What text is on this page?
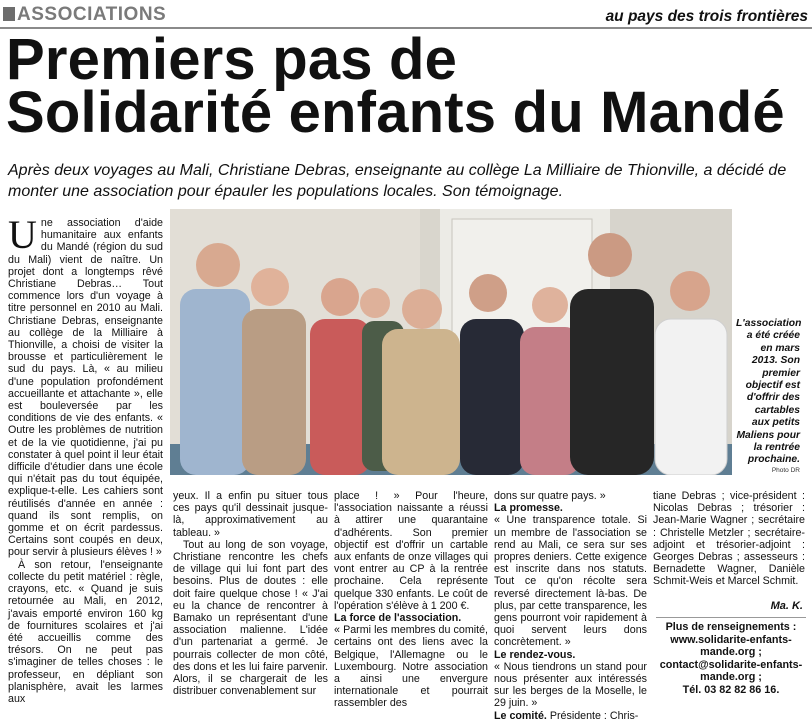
ASSOCIATIONS	au pays des trois frontières
Premiers pas de
Solidarité enfants du Mandé

Après deux voyages au Mali, Christiane Debras, enseignante au collège La Milliaire de Thionville, a décidé de monter une association pour épauler les populations locales. Son témoignage.

Une association d'aide humanitaire aux enfants du Mandé (région du sud du Mali) vient de naître. Un projet dont a longtemps rêvé Christiane Debras… Tout commence lors d'un voyage à titre personnel en 2010 au Mali. Christiane Debras, enseignante au collège de la Milliaire à Thionville, a choisi de visiter la brousse et particulièrement le sud du pays. Là, « au milieu d'une population profondément accueillante et attachante », elle est bouleversée par les conditions de vie des enfants. « Outre les problèmes de nutrition et de la vie quotidienne, j'ai pu constater à quel point il leur était difficile d'étudier dans une école qui n'était pas du tout équipée, explique-t-elle. Les cahiers sont réutilisés d'année en année : quand ils sont remplis, on gomme et on écrit pardessus. Certains sont coupés en deux, pour servir à plusieurs élèves ! »

À son retour, l'enseignante collecte du petit matériel : règle, crayons, etc. « Quand je suis retournée au Mali, en 2012, j'avais emporté environ 160 kg de fournitures scolaires et j'ai été accueillis comme des trésors. On ne peut pas s'imaginer de telles choses : le professeur, en dépliant son planisphère, avait les larmes aux

L'association a été créée en mars 2013. Son premier objectif est d'offrir des cartables aux petits Maliens pour la rentrée prochaine.
Photo DR

yeux. Il a enfin pu situer tous ces pays qu'il dessinait jusque-là, approximativement au tableau. »

Tout au long de son voyage, Christiane rencontre les chefs de village qui lui font part des besoins. Plus de doutes : elle doit faire quelque chose ! « J'ai eu la chance de rencontrer à Bamako un représentant d'une association malienne. L'idée d'un partenariat a germé. Je pourrais collecter de mon côté, des dons et les lui faire parvenir. Alors, il se chargerait de les distribuer convenablement sur

place ! » Pour l'heure, l'association naissante a réussi à attirer une quarantaine d'adhérents. Son premier objectif est d'offrir un cartable aux enfants de onze villages qui vont entrer au CP à la rentrée prochaine. Cela représente quelque 330 enfants. Le coût de l'opération s'élève à 1 200 €.

La force de l'association.

« Parmi les membres du comité, certains ont des liens avec la Belgique, l'Allemagne ou le Luxembourg. Notre association a ainsi une envergure internationale et pourrait rassembler des

dons sur quatre pays. »

La promesse.

« Une transparence totale. Si un membre de l'association se rend au Mali, ce sera sur ses propres deniers. Cette exigence est inscrite dans nos statuts. Tout ce qu'on récolte sera reversé directement là-bas. De plus, par cette transparence, les gens pourront voir rapidement à quoi servent leurs dons concrètement. »

Le rendez-vous.

« Nous tiendrons un stand pour nous présenter aux intéressés sur les berges de la Moselle, le 29 juin. »

Le comité. Présidente : Chris-

tiane Debras ; vice-président : Nicolas Debras ; trésorier : Jean-Marie Wagner ; secrétaire : Christelle Metzler ; secrétaire-adjoint et trésorier-adjoint : Georges Debras ; assesseurs : Bernadette Wagner, Danièle Schmit-Weis et Marcel Schmit.

Ma. K.
Plus de renseignements :
www.solidarite-enfants-mande.org ;
contact@solidarite-enfants-mande.org ;
Tél. 03 82 82 86 16.
